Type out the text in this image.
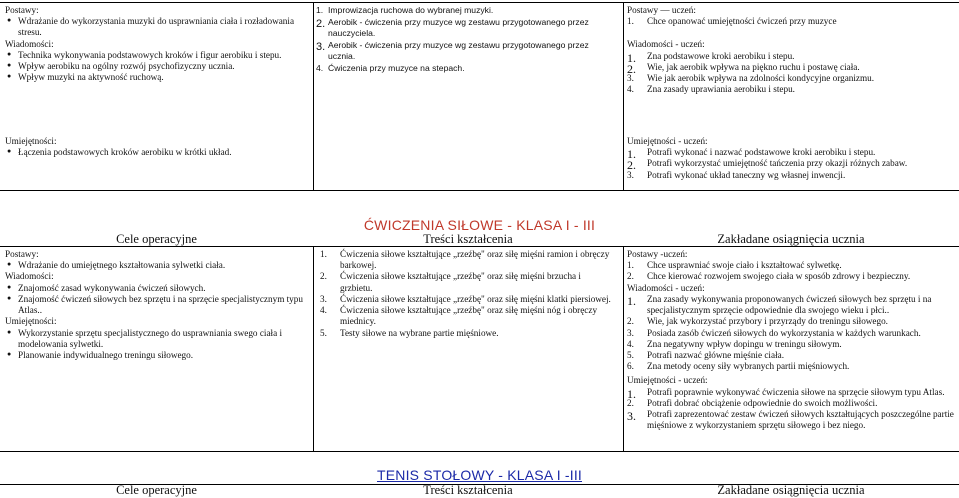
Postawy:
● Wdrażanie do wykorzystania muzyki do usprawniania ciała i rozładowania stresu.
Wiadomości:
● Technika wykonywania podstawowych kroków i figur aerobiku i stepu.
● Wpływ aerobiku na ogólny rozwój psychofizyczny ucznia.
● Wpływ muzyki na aktywność ruchową.
Umiejętności:
● Łączenia podstawowych kroków aerobiku w krótki układ.
1. Improwizacja ruchowa do wybranej muzyki.
2. Aerobik - ćwiczenia przy muzyce wg zestawu przygotowanego przez nauczyciela.
3. Aerobik - ćwiczenia przy muzyce wg zestawu przygotowanego przez ucznia.
4. Ćwiczenia przy muzyce na stepach.
Postawy — uczeń:
1.	Chce opanować umiejętności ćwiczeń przy muzyce
Wiadomości - uczeń:
1.	Zna podstawowe kroki aerobiku i stepu.
2.	Wie, jak aerobik wpływa na piękno ruchu i postawę ciała.
3.	Wie jak aerobik wpływa na zdolności kondycyjne organizmu.
4.	Zna zasady uprawiania aerobiku i stepu.
Umiejętności - uczeń:
1.	Potrafi wykonać i nazwać podstawowe kroki aerobiku i stepu.
2.	Potrafi wykorzystać umiejętność tańczenia przy okazji różnych zabaw.
3.	Potrafi wykonać układ taneczny wg własnej inwencji.
ĆWICZENIA SIŁOWE - KLASA I - III
Cele operacyjne	Treści kształcenia	Zakładane osiągnięcia ucznia
Postawy:
● Wdrażanie do umiejętnego kształtowania sylwetki ciała.
Wiadomości:
● Znajomość zasad wykonywania ćwiczeń siłowych.
● Znajomość ćwiczeń siłowych bez sprzętu i na sprzęcie specjalistycznym typu Atlas..
Umiejętności:
● Wykorzystanie sprzętu specjalistycznego do usprawniania swego ciała i modelowania sylwetki.
● Planowanie indywidualnego treningu siłowego.
1.	Ćwiczenia siłowe kształtujące „rzeźbę" oraz siłę mięśni ramion i obręczy barkowej.
2.	Ćwiczenia siłowe kształtujące „rzeźbę" oraz siłę mięśni brzucha i grzbietu.
3.	Ćwiczenia siłowe kształtujące „rzeźbę" oraz siłę mięśni klatki piersiowej.
4.	Ćwiczenia siłowe kształtujące „rzeźbę" oraz siłę mięśni nóg i obręczy miednicy.
5.	Testy siłowe na wybrane partie mięśniowe.
Postawy -uczeń:
1.	Chce usprawniać swoje ciało i kształtować sylwetkę.
2.	Chce kierować rozwojem swojego ciała w sposób zdrowy i bezpieczny.
Wiadomości - uczeń:
1.	Zna zasady wykonywania proponowanych ćwiczeń siłowych bez sprzętu i na specjalistycznym sprzęcie odpowiednie dla swojego wieku i płci..
2.	Wie, jak wykorzystać przybory i przyrządy do treningu siłowego.
3.	Posiada zasób ćwiczeń siłowych do wykorzystania w każdych warunkach.
4.	Zna negatywny wpływ dopingu w treningu siłowym.
5.	Potrafi nazwać główne mięśnie ciała.
6.	Zna metody oceny siły wybranych partii mięśniowych.
Umiejętności - uczeń:
1.	Potrafi poprawnie wykonywać ćwiczenia siłowe na sprzęcie siłowym typu Atlas.
2.	Potrafi dobrać obciążenie odpowiednie do swoich możliwości.
3.	Potrafi zaprezentować zestaw ćwiczeń siłowych kształtujących poszczególne partie mięśniowe z wykorzystaniem sprzętu siłowego i bez niego.
TENIS STOŁOWY - KLASA I -III
Cele operacyjne	Treści kształcenia	Zakładane osiągnięcia ucznia
